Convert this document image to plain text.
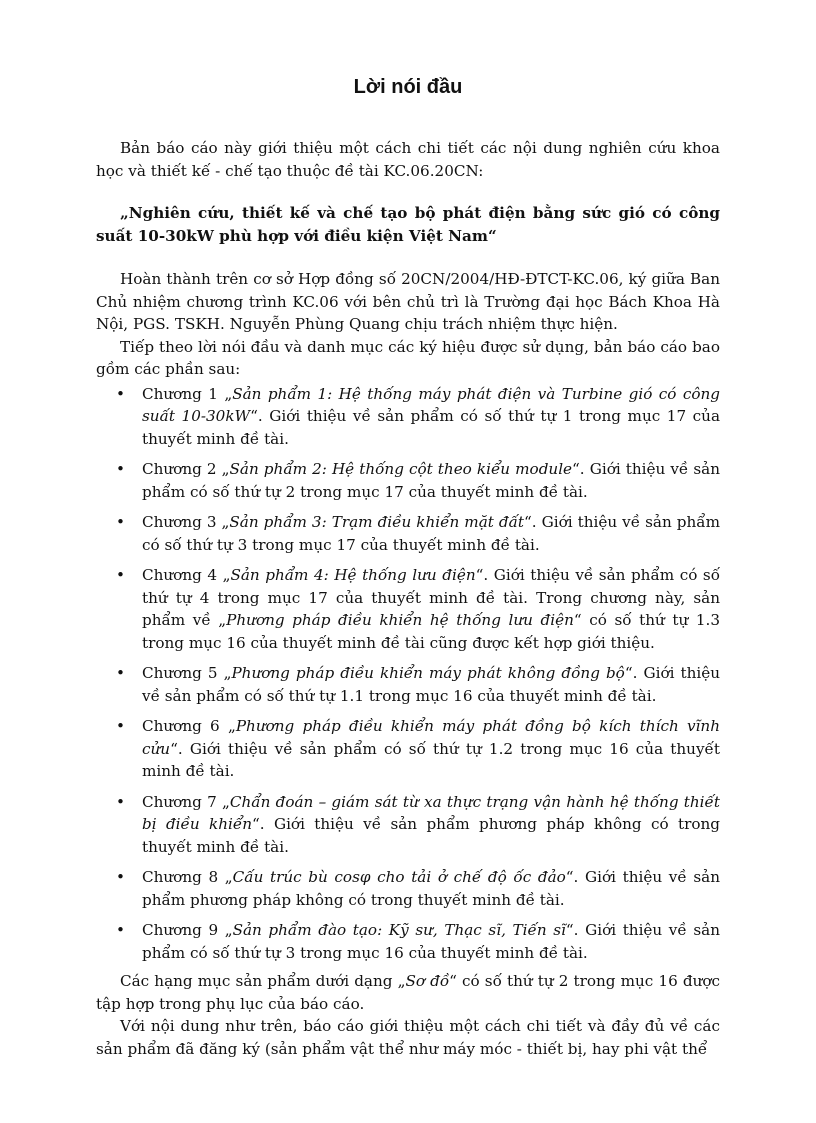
Lời nói đầu

Bản báo cáo này giới thiệu một cách chi tiết các nội dung nghiên cứu khoa học và thiết kế - chế tạo thuộc đề tài KC.06.20CN:

„Nghiên cứu, thiết kế và chế tạo bộ phát điện bằng sức gió có công suất 10-30kW phù hợp với điều kiện Việt Nam“

Hoàn thành trên cơ sở Hợp đồng số 20CN/2004/HĐ-ĐTCT-KC.06, ký giữa Ban Chủ nhiệm chương trình KC.06 với bên chủ trì là Trường đại học Bách Khoa Hà Nội, PGS. TSKH. Nguyễn Phùng Quang chịu trách nhiệm thực hiện.

Tiếp theo lời nói đầu và danh mục các ký hiệu được sử dụng, bản báo cáo bao gồm các phần sau:

• Chương 1 „Sản phẩm 1: Hệ thống máy phát điện và Turbine gió có công suất 10-30kW“. Giới thiệu về sản phẩm có số thứ tự 1 trong mục 17 của thuyết minh đề tài.
• Chương 2 „Sản phẩm 2: Hệ thống cột theo kiểu module“. Giới thiệu về sản phẩm có số thứ tự 2 trong mục 17 của thuyết minh đề tài.
• Chương 3 „Sản phẩm 3: Trạm điều khiển mặt đất“. Giới thiệu về sản phẩm có số thứ tự 3 trong mục 17 của thuyết minh đề tài.
• Chương 4 „Sản phẩm 4: Hệ thống lưu điện“. Giới thiệu về sản phẩm có số thứ tự 4 trong mục 17 của thuyết minh đề tài. Trong chương này, sản phẩm về „Phương pháp điều khiển hệ thống lưu điện“ có số thứ tự 1.3 trong mục 16 của thuyết minh đề tài cũng được kết hợp giới thiệu.
• Chương 5 „Phương pháp điều khiển máy phát không đồng bộ“. Giới thiệu về sản phẩm có số thứ tự 1.1 trong mục 16 của thuyết minh đề tài.
• Chương 6 „Phương pháp điều khiển máy phát đồng bộ kích thích vĩnh cửu“. Giới thiệu về sản phẩm có số thứ tự 1.2 trong mục 16 của thuyết minh đề tài.
• Chương 7 „Chẩn đoán – giám sát từ xa thực trạng vận hành hệ thống thiết bị điều khiển“. Giới thiệu về sản phẩm phương pháp không có trong thuyết minh đề tài.
• Chương 8 „Cấu trúc bù cosφ cho tải ở chế độ ốc đảo“. Giới thiệu về sản phẩm phương pháp không có trong thuyết minh đề tài.
• Chương 9 „Sản phẩm đào tạo: Kỹ sư, Thạc sĩ, Tiến sĩ“. Giới thiệu về sản phẩm có số thứ tự 3 trong mục 16 của thuyết minh đề tài.

Các hạng mục sản phẩm dưới dạng „Sơ đồ“ có số thứ tự 2 trong mục 16 được tập hợp trong phụ lục của báo cáo.

Với nội dung như trên, báo cáo giới thiệu một cách chi tiết và đầy đủ về các sản phẩm đã đăng ký (sản phẩm vật thể như máy móc - thiết bị, hay phi vật thể
